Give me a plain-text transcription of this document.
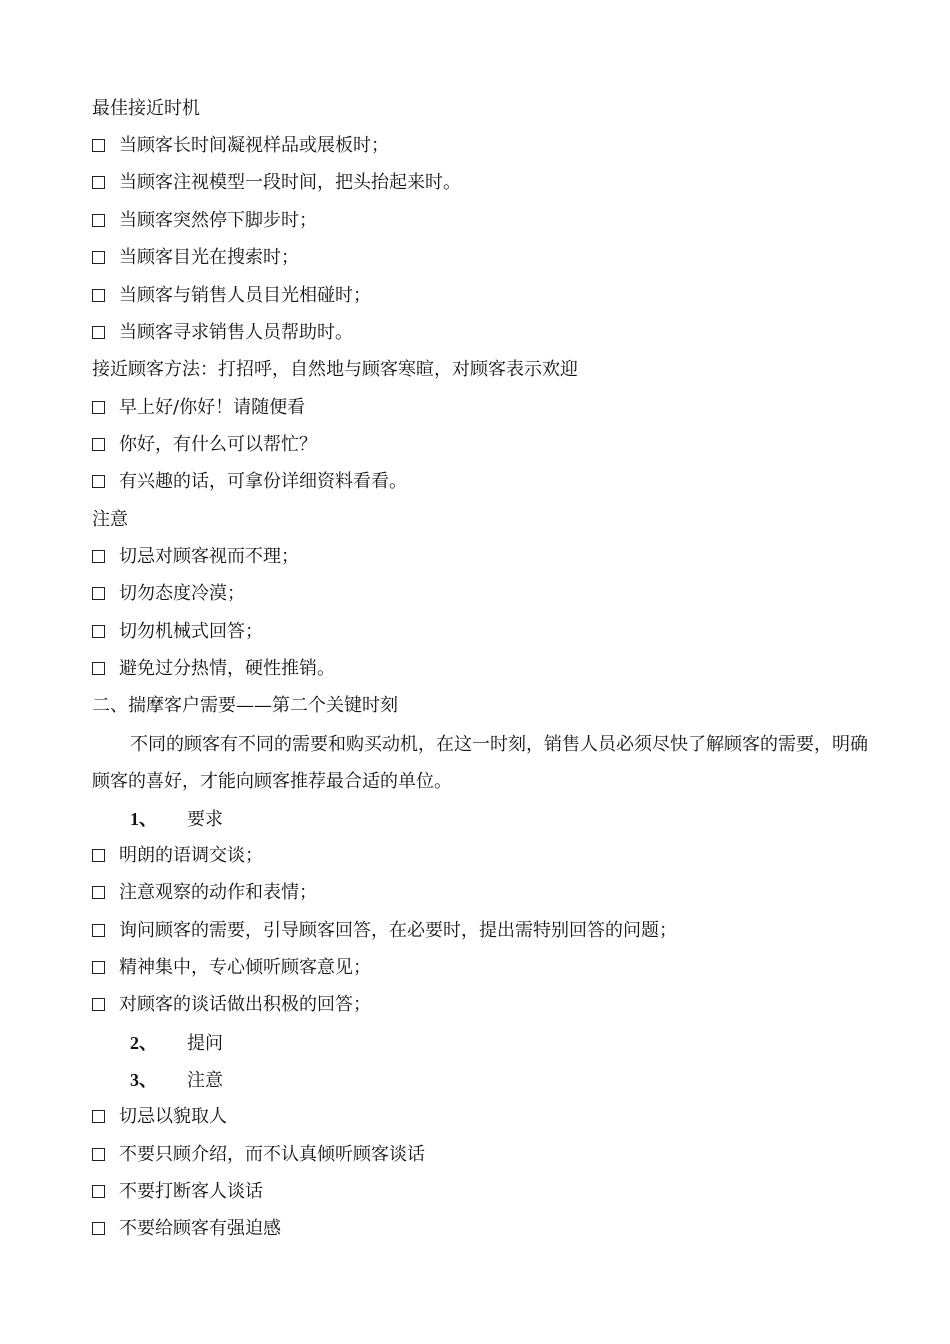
最佳接近时机
当顾客长时间凝视样品或展板时；
当顾客注视模型一段时间，把头抬起来时。
当顾客突然停下脚步时；
当顾客目光在搜索时；
当顾客与销售人员目光相碰时；
当顾客寻求销售人员帮助时。
接近顾客方法：打招呼，自然地与顾客寒暄，对顾客表示欢迎
早上好/你好！请随便看
你好，有什么可以帮忙？
有兴趣的话，可拿份详细资料看看。
注意
切忌对顾客视而不理；
切勿态度冷漠；
切勿机械式回答；
避免过分热情，硬性推销。
二、揣摩客户需要——第二个关键时刻
不同的顾客有不同的需要和购买动机，在这一时刻，销售人员必须尽快了解顾客的需要，明确顾客的喜好，才能向顾客推荐最合适的单位。
1、 要求
明朗的语调交谈；
注意观察的动作和表情；
询问顾客的需要，引导顾客回答，在必要时，提出需特别回答的问题；
精神集中，专心倾听顾客意见；
对顾客的谈话做出积极的回答；
2、 提问
3、 注意
切忌以貌取人
不要只顾介绍，而不认真倾听顾客谈话
不要打断客人谈话
不要给顾客有强迫感
